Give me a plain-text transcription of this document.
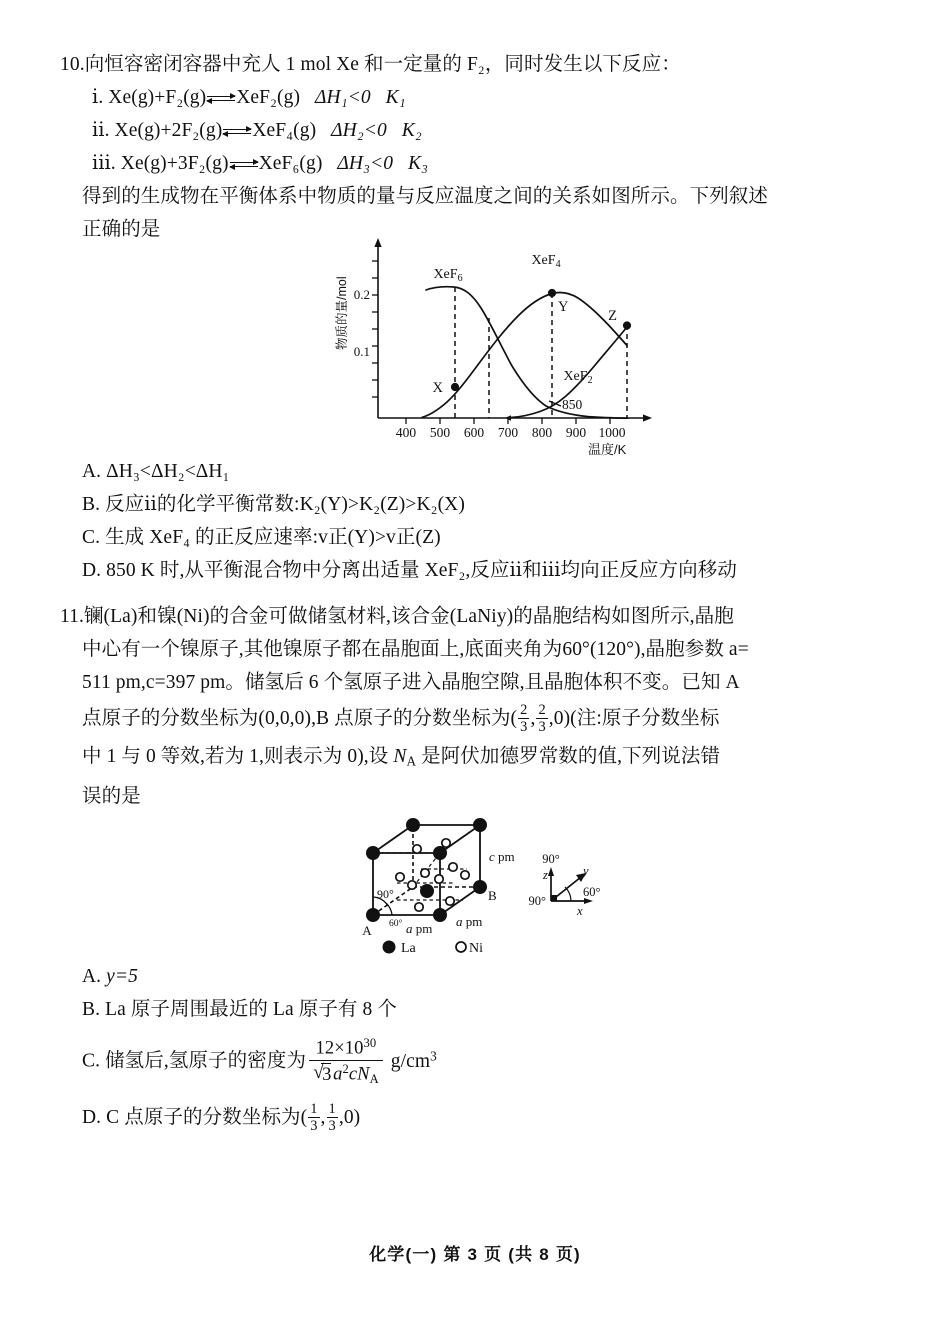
10.向恒容密闭容器中充人 1 mol Xe 和一定量的 F₂，同时发生以下反应：
ⅰ. Xe(g)+F₂(g) XeF₂(g) ΔH₁<0 K₁
ⅱ. Xe(g)+2F₂(g) XeF₄(g) ΔH₂<0 K₂
ⅲ. Xe(g)+3F₂(g) XeF₆(g) ΔH₃<0 K₃
得到的生成物在平衡体系中物质的量与反应温度之间的关系如图所示。下列叙述
正确的是
0.2
0.1
物质的量/mol
400 500 600 700 800 900 1000
温度/K
X
Y
Z
XeF$_6$
XeF$_4$
XeF$_2$
850
A. ΔH₃<ΔH₂<ΔH₁
B. 反应ⅱ的化学平衡常数:K₂(Y)>K₂(Z)>K₂(X)
C. 生成 XeF₄ 的正反应速率:v正(Y)>v正(Z)
D. 850 K 时,从平衡混合物中分离出适量 XeF₂,反应ⅱ和ⅲ均向正反应方向移动
11.镧(La)和镍(Ni)的合金可做储氢材料,该合金(LaNiy)的晶胞结构如图所示,晶胞
中心有一个镍原子,其他镍原子都在晶胞面上,底面夹角为60°(120°),晶胞参数 a=
511 pm,c=397 pm。储氢后 6 个氢原子进入晶胞空隙,且晶胞体积不变。已知 A
点原子的分数坐标为(0,0,0),B 点原子的分数坐标为( $\frac{2}{3}$ , $\frac{2}{3} ,0$)(注:原子分数坐标
中 1 与 0 等效,若为 1,则表示为 0),设 $N_A$ 是阿伏加德罗常数的值,下列说法错
误的是
A
B
90°
60° a pm a pm
c pm 90°
90°
60°
z	y
x
La	Ni
A. y=5
B. La 原子周围最近的 La 原子有 8 个
C. 储氢后,氢原子的密度为
$12\times 10^{30}$
√ 3 $a^2cN_A$
$g/cm^3$
D. C 点原子的分数坐标为( $\frac{1}{3}$ , $\frac{1}{3} ,0$)
化学(一) 第 3 页 (共 8 页)
